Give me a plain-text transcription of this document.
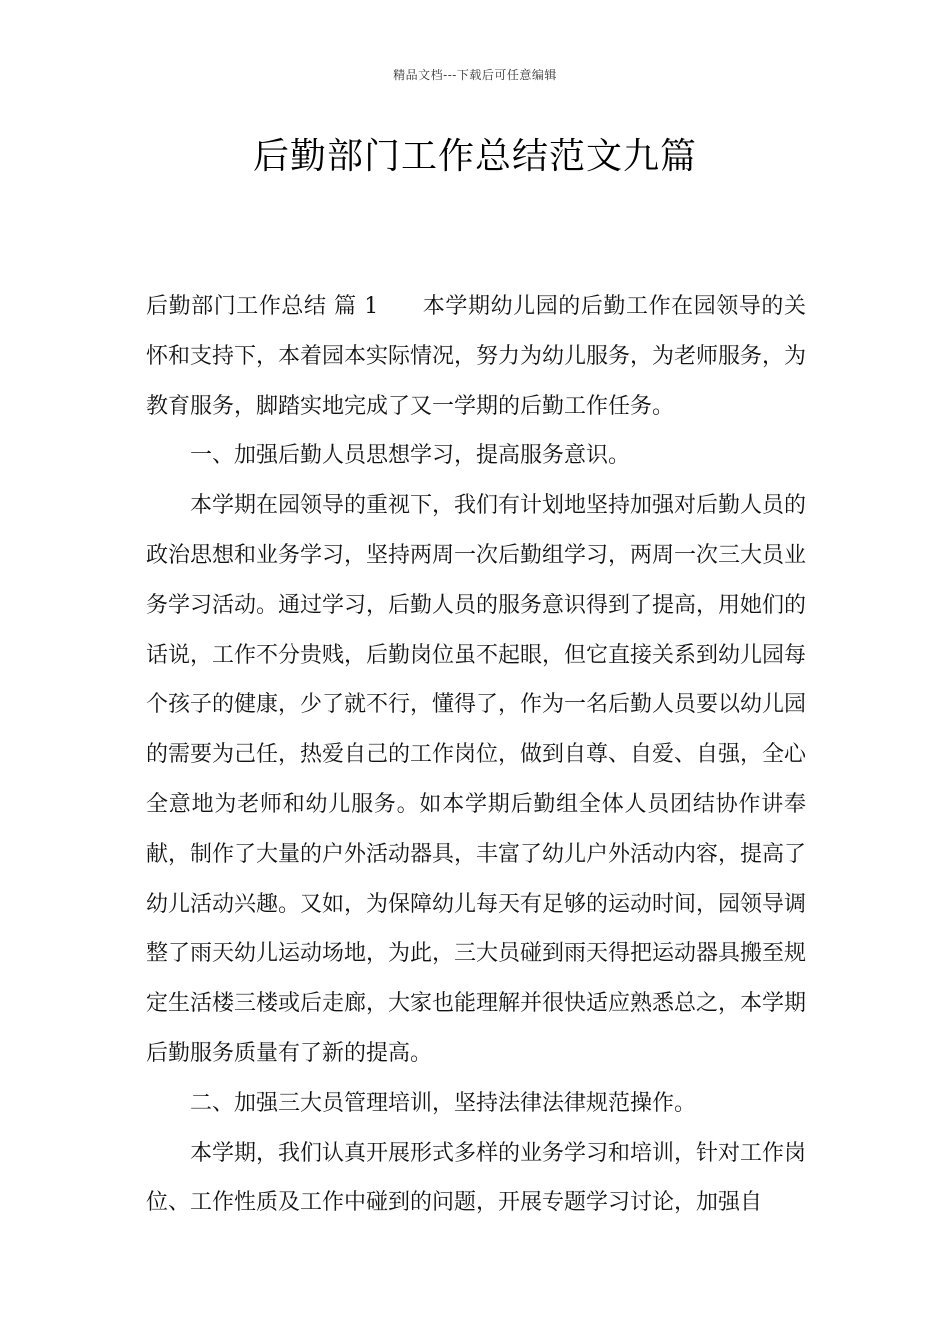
精品文档---下载后可任意编辑
后勤部门工作总结范文九篇

后勤部门工作总结 篇 1 本学期幼儿园的后勤工作在园领导的关怀和支持下，本着园本实际情况，努力为幼儿服务，为老师服务，为教育服务，脚踏实地完成了又一学期的后勤工作任务。

一、加强后勤人员思想学习，提高服务意识。

本学期在园领导的重视下，我们有计划地坚持加强对后勤人员的政治思想和业务学习，坚持两周一次后勤组学习，两周一次三大员业务学习活动。通过学习，后勤人员的服务意识得到了提高，用她们的话说，工作不分贵贱，后勤岗位虽不起眼，但它直接关系到幼儿园每个孩子的健康，少了就不行，懂得了，作为一名后勤人员要以幼儿园的需要为己任，热爱自己的工作岗位，做到自尊、自爱、自强，全心全意地为老师和幼儿服务。如本学期后勤组全体人员团结协作讲奉献，制作了大量的户外活动器具，丰富了幼儿户外活动内容，提高了幼儿活动兴趣。又如，为保障幼儿每天有足够的运动时间，园领导调整了雨天幼儿运动场地，为此，三大员碰到雨天得把运动器具搬至规定生活楼三楼或后走廊，大家也能理解并很快适应熟悉总之，本学期后勤服务质量有了新的提高。

二、加强三大员管理培训，坚持法律法律规范操作。

本学期，我们认真开展形式多样的业务学习和培训，针对工作岗位、工作性质及工作中碰到的问题，开展专题学习讨论，加强自
